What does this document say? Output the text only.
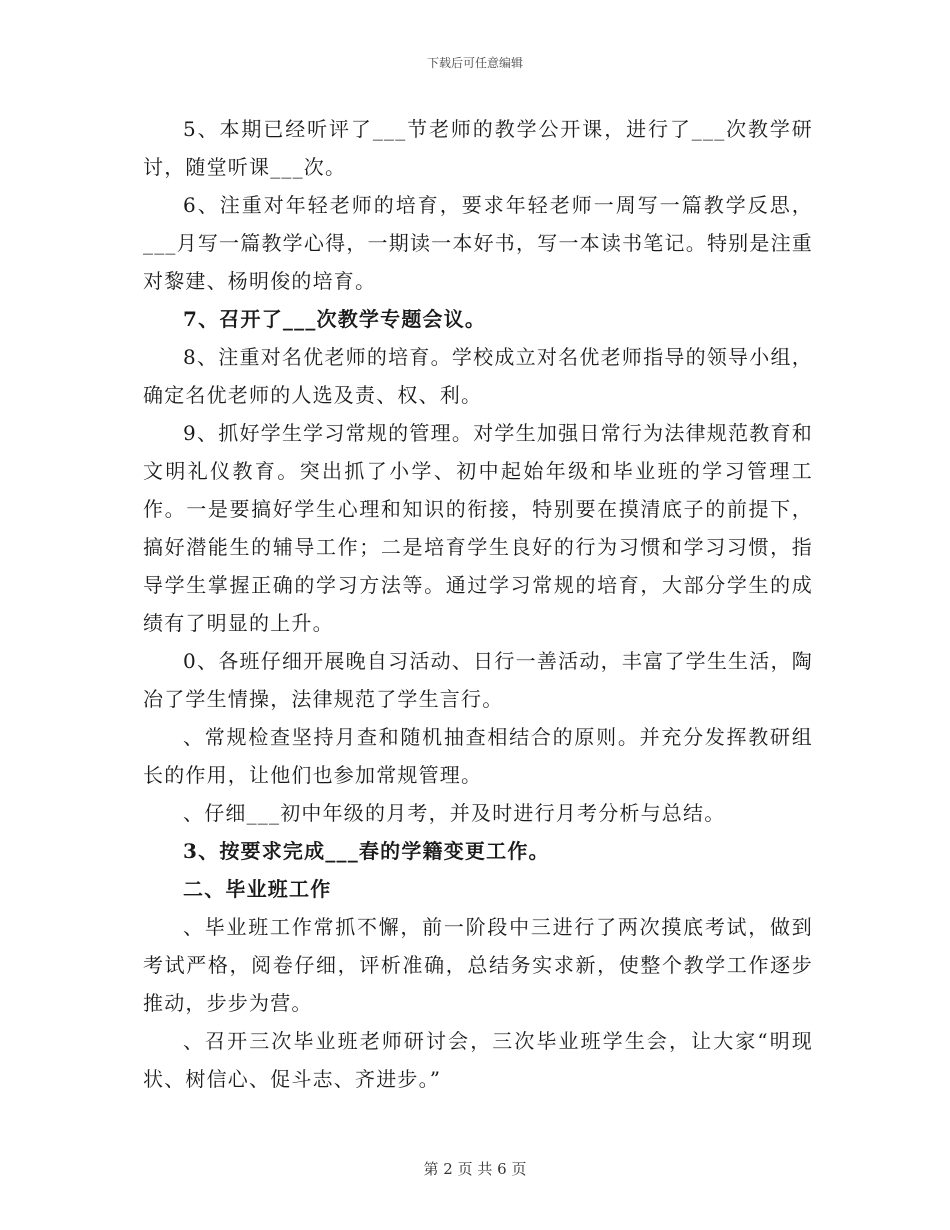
下载后可任意编辑

5、本期已经听评了___节老师的教学公开课，进行了___次教学研讨，随堂听课___次。

6、注重对年轻老师的培育，要求年轻老师一周写一篇教学反思，___月写一篇教学心得，一期读一本好书，写一本读书笔记。特别是注重对黎建、杨明俊的培育。

7、召开了___次教学专题会议。

8、注重对名优老师的培育。学校成立对名优老师指导的领导小组，确定名优老师的人选及责、权、利。

9、抓好学生学习常规的管理。对学生加强日常行为法律规范教育和文明礼仪教育。突出抓了小学、初中起始年级和毕业班的学习管理工作。一是要搞好学生心理和知识的衔接，特别要在摸清底子的前提下，搞好潜能生的辅导工作；二是培育学生良好的行为习惯和学习习惯，指导学生掌握正确的学习方法等。通过学习常规的培育，大部分学生的成绩有了明显的上升。

0、各班仔细开展晚自习活动、日行一善活动，丰富了学生生活，陶冶了学生情操，法律规范了学生言行。

、常规检查坚持月查和随机抽查相结合的原则。并充分发挥教研组长的作用，让他们也参加常规管理。

、仔细___初中年级的月考，并及时进行月考分析与总结。

3、按要求完成___春的学籍变更工作。

二、毕业班工作

、毕业班工作常抓不懈，前一阶段中三进行了两次摸底考试，做到考试严格，阅卷仔细，评析准确，总结务实求新，使整个教学工作逐步推动，步步为营。

、召开三次毕业班老师研讨会，三次毕业班学生会，让大家“明现状、树信心、促斗志、齐进步。”

第 2 页 共 6 页
